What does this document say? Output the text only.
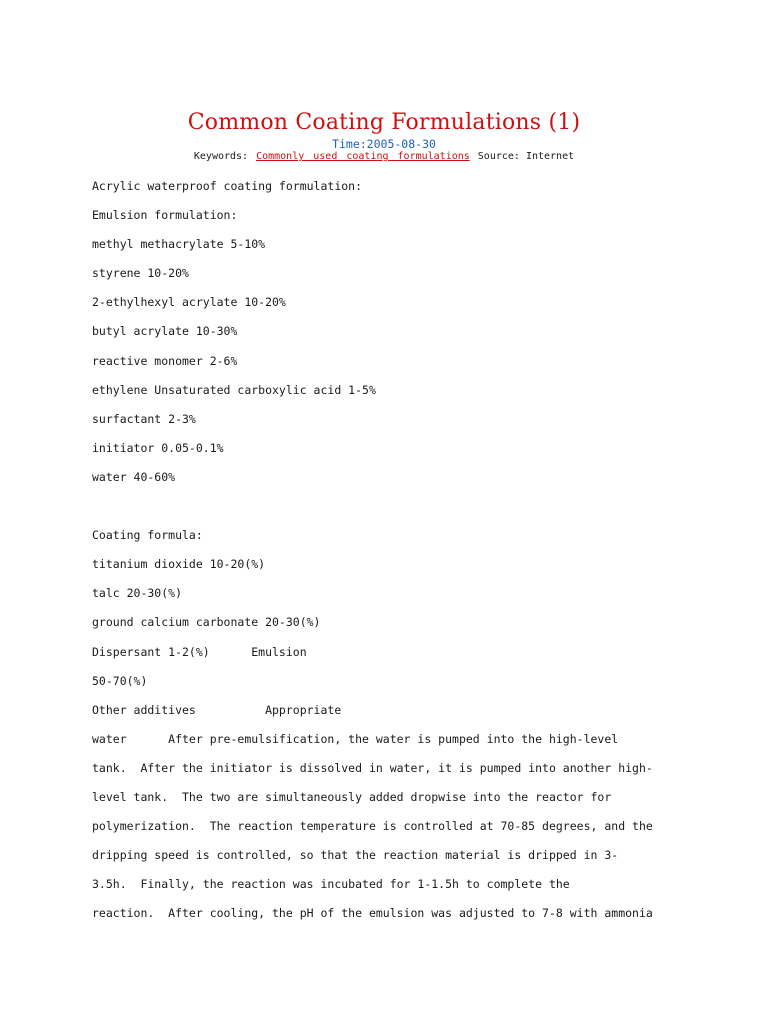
Common Coating Formulations (1)
Time:2005-08-30
Keywords: Commonly used coating formulations Source: Internet
Acrylic waterproof coating formulation:
Emulsion formulation:
methyl methacrylate 5-10%
styrene 10-20%
2-ethylhexyl acrylate 10-20%
butyl acrylate 10-30%
reactive monomer 2-6%
ethylene Unsaturated carboxylic acid 1-5%
surfactant 2-3%
initiator 0.05-0.1%
water 40-60%
Coating formula:
titanium dioxide 10-20(%)
talc 20-30(%)
ground calcium carbonate 20-30(%)
Dispersant 1-2(%)      Emulsion
50-70(%)
Other additives          Appropriate
water      After pre-emulsification, the water is pumped into the high-level
tank.  After the initiator is dissolved in water, it is pumped into another high-
level tank.  The two are simultaneously added dropwise into the reactor for
polymerization.  The reaction temperature is controlled at 70-85 degrees, and the
dripping speed is controlled, so that the reaction material is dripped in 3-
3.5h.  Finally, the reaction was incubated for 1-1.5h to complete the
reaction.  After cooling, the pH of the emulsion was adjusted to 7-8 with ammonia
